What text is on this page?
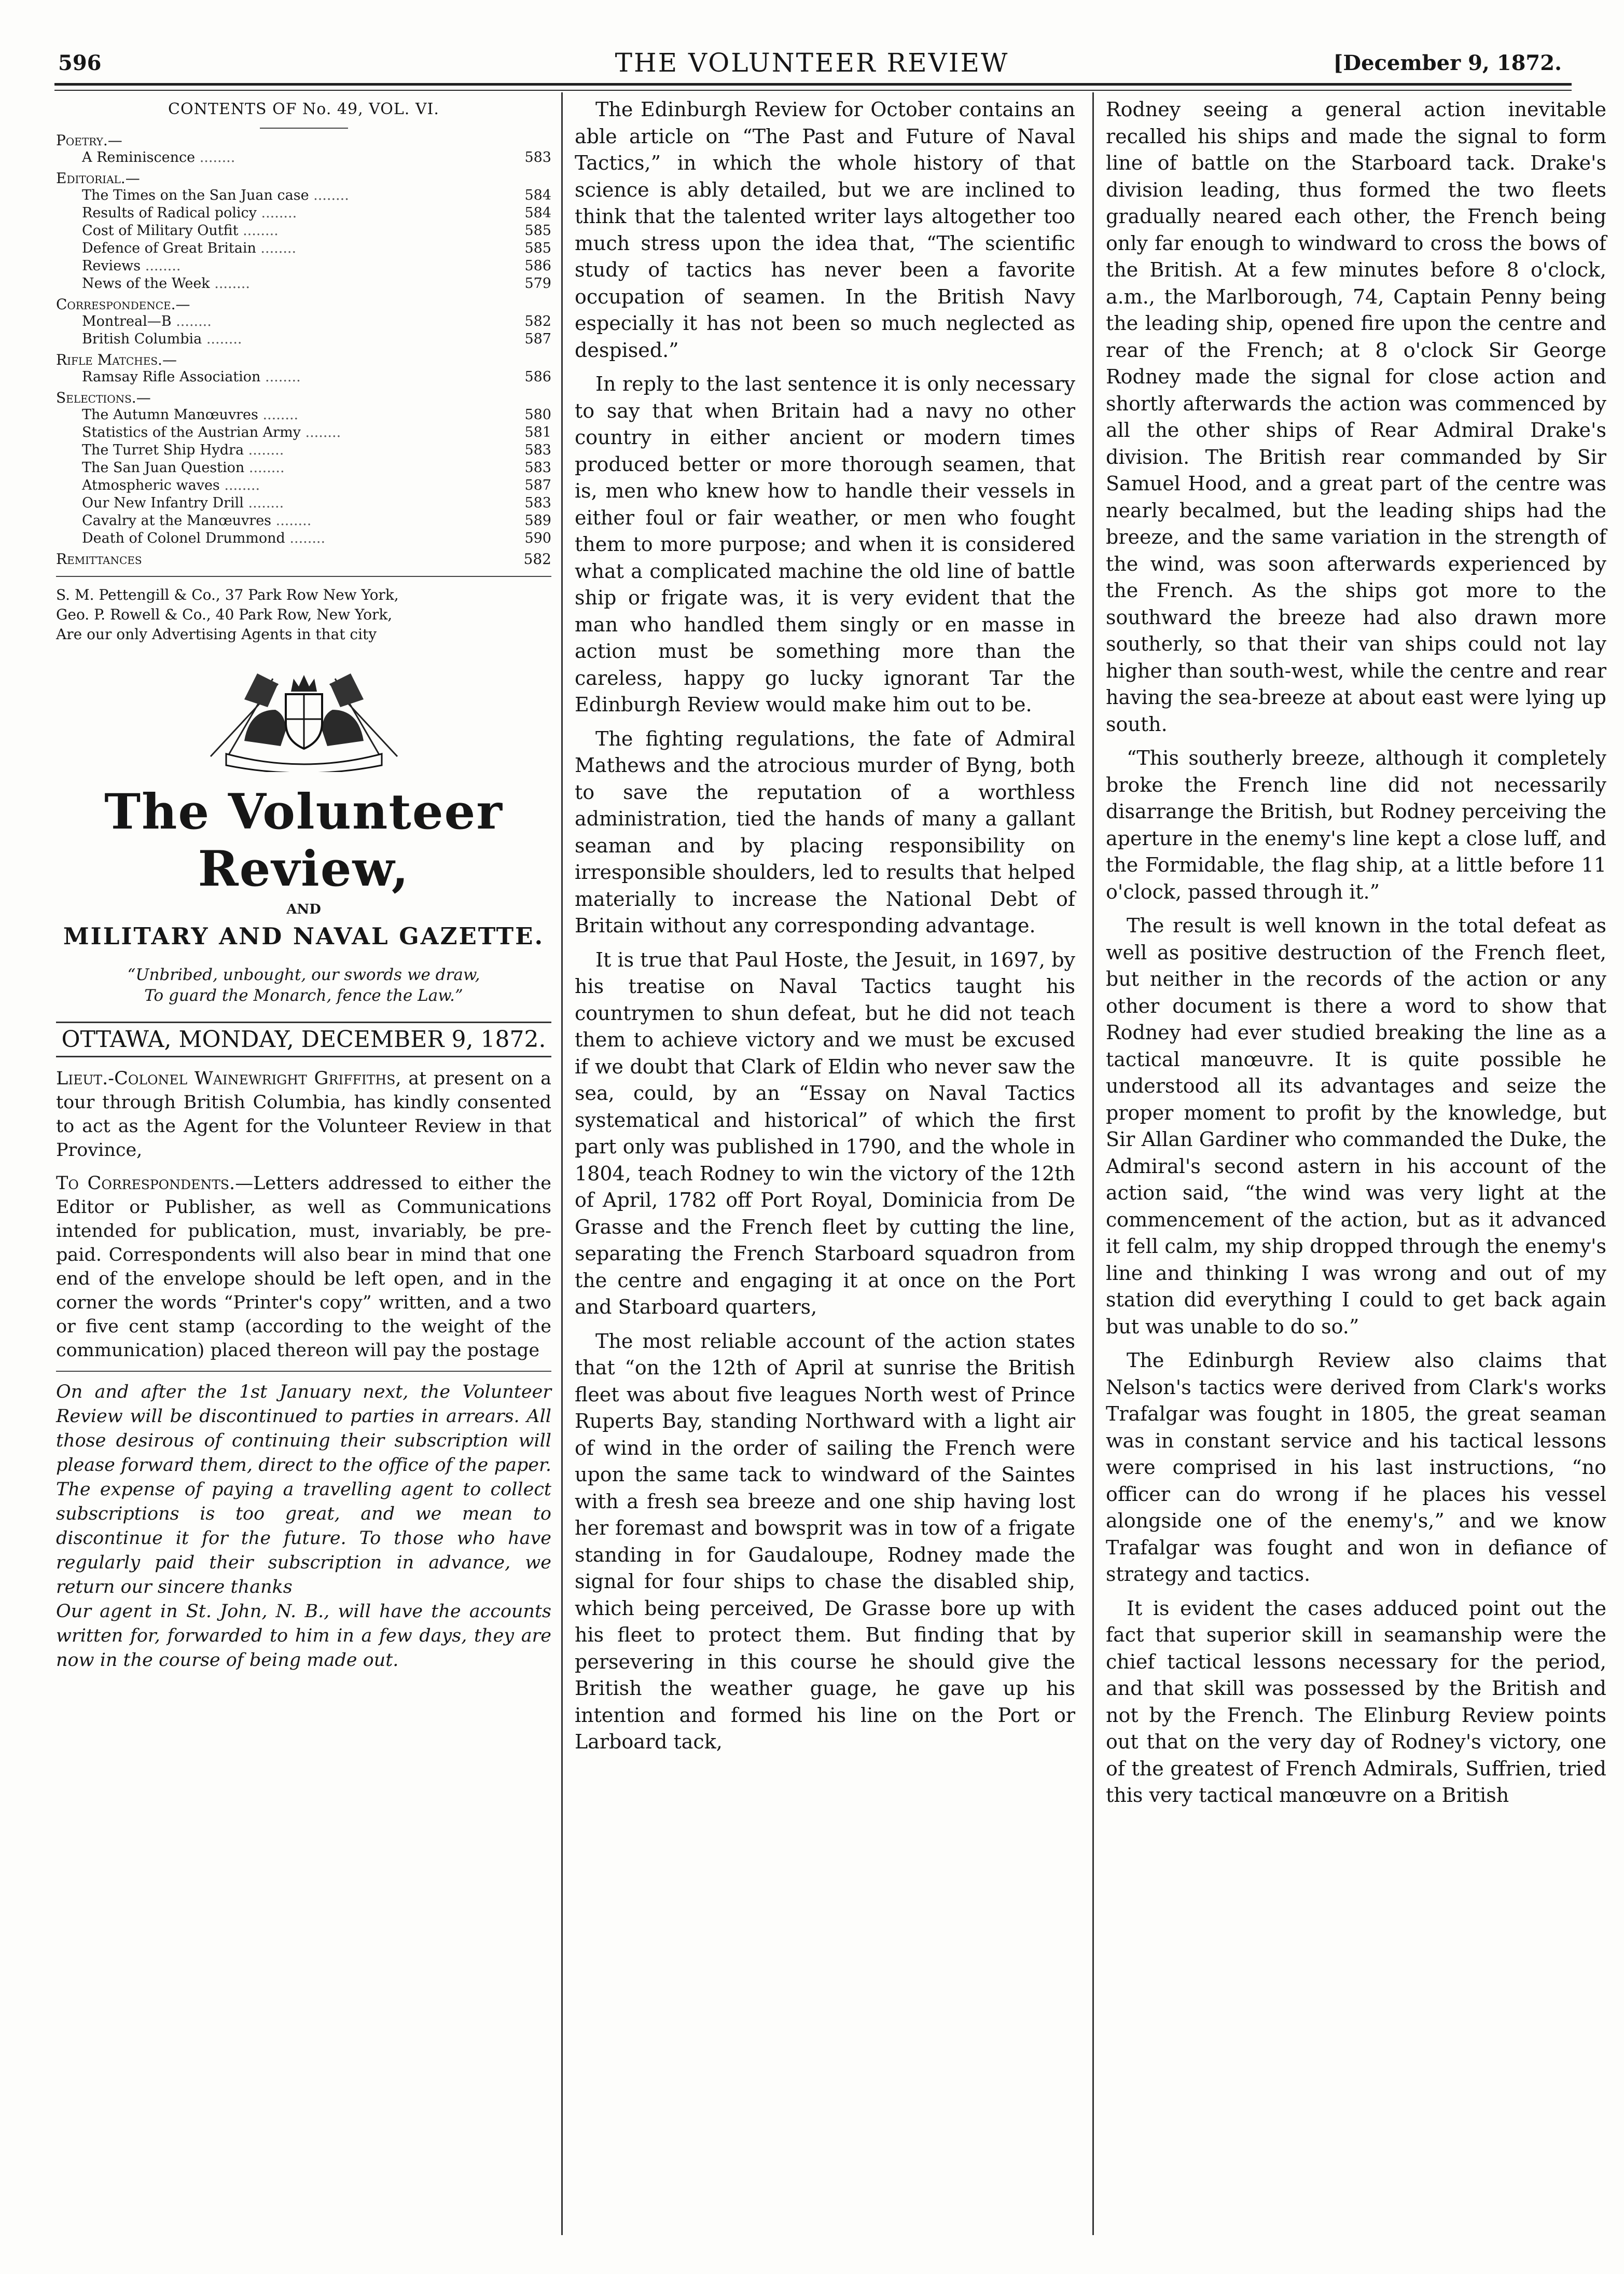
596	THE VOLUNTEER REVIEW	[December 9, 1872.
CONTENTS OF No. 49, VOL. VI.
Poetry.—
A Reminiscence ........	583
Editorial.—
The Times on the San Juan case ........	584
Results of Radical policy ........	584
Cost of Military Outfit ........	585
Defence of Great Britain ........	585
Reviews ........	586
News of the Week ........	579
Correspondence.—
Montreal—B ........	582
British Columbia ........	587
Rifle Matches.—
Ramsay Rifle Association ........	586
Selections.—
The Autumn Manœuvres ........	580
Statistics of the Austrian Army ........	581
The Turret Ship Hydra ........	583
The San Juan Question ........	583
Atmospheric waves ........	587
Our New Infantry Drill ........	583
Cavalry at the Manœuvres ........	589
Death of Colonel Drummond ........	590
Remittances	582
S. M. Pettengill & Co., 37 Park Row New York,
Geo. P. Rowell & Co., 40 Park Row, New York,
Are our only Advertising Agents in that city
The Volunteer Review,
AND
MILITARY AND NAVAL GAZETTE.
“Unbribed, unbought, our swords we draw,
To guard the Monarch, fence the Law.”
OTTAWA, MONDAY, DECEMBER 9, 1872.
Lieut.-Colonel Wainewright Griffiths, at present on a tour through British Columbia, has kindly consented to act as the Agent for the Volunteer Review in that Province,
To Correspondents.—Letters addressed to either the Editor or Publisher, as well as Communications intended for publication, must, invariably, be pre-paid. Correspondents will also bear in mind that one end of the envelope should be left open, and in the corner the words “Printer's copy” written, and a two or five cent stamp (according to the weight of the communication) placed thereon will pay the postage
On and after the 1st January next, the Volunteer Review will be discontinued to parties in arrears. All those desirous of continuing their subscription will please forward them, direct to the office of the paper. The expense of paying a travelling agent to collect subscriptions is too great, and we mean to discontinue it for the future. To those who have regularly paid their subscription in advance, we return our sincere thanks
Our agent in St. John, N. B., will have the accounts written for, forwarded to him in a few days, they are now in the course of being made out.

The Edinburgh Review for October contains an able article on “The Past and Future of Naval Tactics,” in which the whole history of that science is ably detailed, but we are inclined to think that the talented writer lays altogether too much stress upon the idea that, “The scientific study of tactics has never been a favorite occupation of seamen. In the British Navy especially it has not been so much neglected as despised.”

In reply to the last sentence it is only necessary to say that when Britain had a navy no other country in either ancient or modern times produced better or more thorough seamen, that is, men who knew how to handle their vessels in either foul or fair weather, or men who fought them to more purpose; and when it is considered what a complicated machine the old line of battle ship or frigate was, it is very evident that the man who handled them singly or en masse in action must be something more than the careless, happy go lucky ignorant Tar the Edinburgh Review would make him out to be.

The fighting regulations, the fate of Admiral Mathews and the atrocious murder of Byng, both to save the reputation of a worthless administration, tied the hands of many a gallant seaman and by placing responsibility on irresponsible shoulders, led to results that helped materially to increase the National Debt of Britain without any corresponding advantage.

It is true that Paul Hoste, the Jesuit, in 1697, by his treatise on Naval Tactics taught his countrymen to shun defeat, but he did not teach them to achieve victory and we must be excused if we doubt that Clark of Eldin who never saw the sea, could, by an “Essay on Naval Tactics systematical and historical” of which the first part only was published in 1790, and the whole in 1804, teach Rodney to win the victory of the 12th of April, 1782 off Port Royal, Dominicia from De Grasse and the French fleet by cutting the line, separating the French Starboard squadron from the centre and engaging it at once on the Port and Starboard quarters,

The most reliable account of the action states that “on the 12th of April at sunrise the British fleet was about five leagues North west of Prince Ruperts Bay, standing Northward with a light air of wind in the order of sailing the French were upon the same tack to windward of the Saintes with a fresh sea breeze and one ship having lost her foremast and bowsprit was in tow of a frigate standing in for Gaudaloupe, Rodney made the signal for four ships to chase the disabled ship, which being perceived, De Grasse bore up with his fleet to protect them. But finding that by persevering in this course he should give the British the weather guage, he gave up his intention and formed his line on the Port or Larboard tack,

Rodney seeing a general action inevitable recalled his ships and made the signal to form line of battle on the Starboard tack. Drake's division leading, thus formed the two fleets gradually neared each other, the French being only far enough to windward to cross the bows of the British. At a few minutes before 8 o'clock, a.m., the Marlborough, 74, Captain Penny being the leading ship, opened fire upon the centre and rear of the French; at 8 o'clock Sir George Rodney made the signal for close action and shortly afterwards the action was commenced by all the other ships of Rear Admiral Drake's division. The British rear commanded by Sir Samuel Hood, and a great part of the centre was nearly becalmed, but the leading ships had the breeze, and the same variation in the strength of the wind, was soon afterwards experienced by the French. As the ships got more to the southward the breeze had also drawn more southerly, so that their van ships could not lay higher than south-west, while the centre and rear having the sea-breeze at about east were lying up south.

“This southerly breeze, although it completely broke the French line did not necessarily disarrange the British, but Rodney perceiving the aperture in the enemy's line kept a close luff, and the Formidable, the flag ship, at a little before 11 o'clock, passed through it.”

The result is well known in the total defeat as well as positive destruction of the French fleet, but neither in the records of the action or any other document is there a word to show that Rodney had ever studied breaking the line as a tactical manœuvre. It is quite possible he understood all its advantages and seize the proper moment to profit by the knowledge, but Sir Allan Gardiner who commanded the Duke, the Admiral's second astern in his account of the action said, “the wind was very light at the commencement of the action, but as it advanced it fell calm, my ship dropped through the enemy's line and thinking I was wrong and out of my station did everything I could to get back again but was unable to do so.”

The Edinburgh Review also claims that Nelson's tactics were derived from Clark's works Trafalgar was fought in 1805, the great seaman was in constant service and his tactical lessons were comprised in his last instructions, “no officer can do wrong if he places his vessel alongside one of the enemy's,” and we know Trafalgar was fought and won in defiance of strategy and tactics.

It is evident the cases adduced point out the fact that superior skill in seamanship were the chief tactical lessons necessary for the period, and that skill was possessed by the British and not by the French. The Elinburg Review points out that on the very day of Rodney's victory, one of the greatest of French Admirals, Suffrien, tried this very tactical manœuvre on a British
